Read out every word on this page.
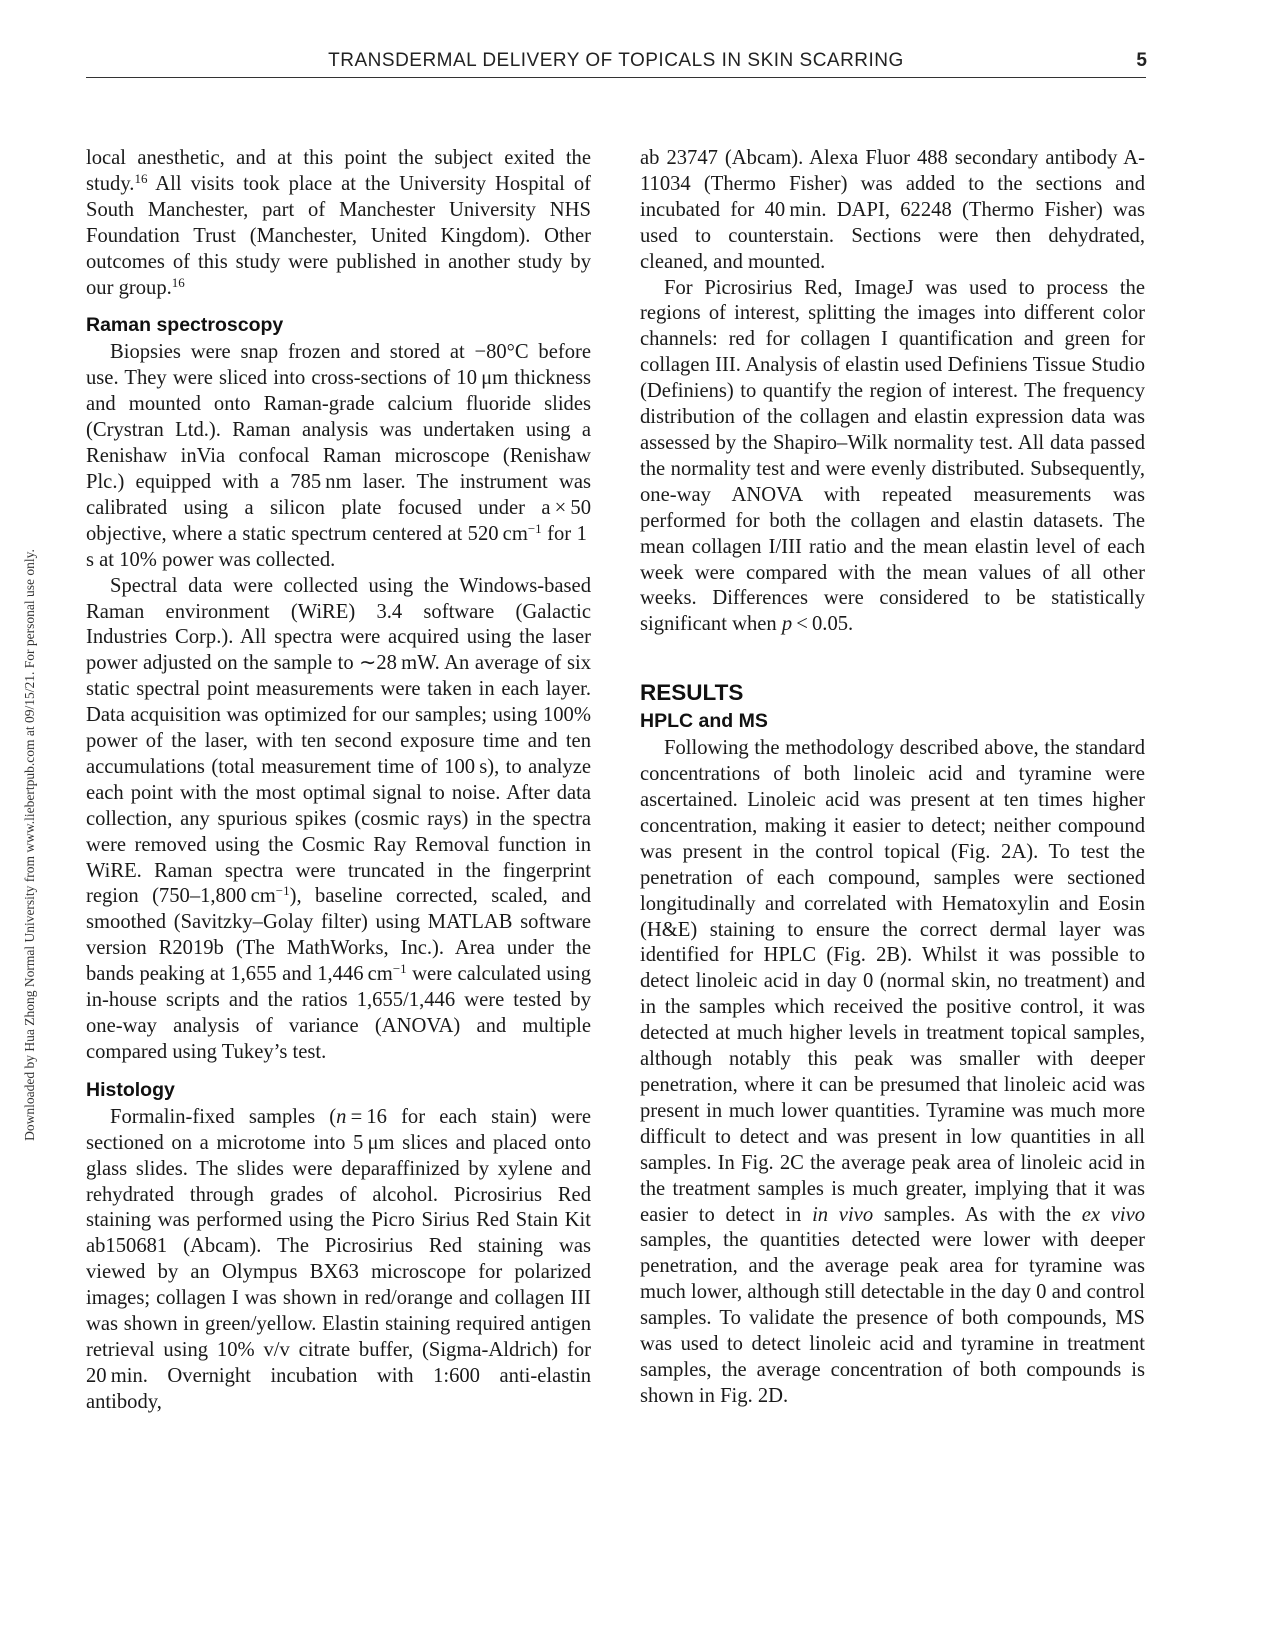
TRANSDERMAL DELIVERY OF TOPICALS IN SKIN SCARRING	5
Downloaded by Hua Zhong Normal University from www.liebertpub.com at 09/15/21. For personal use only.

local anesthetic, and at this point the subject exited the study.$^{16}$ All visits took place at the University Hospital of South Manchester, part of Manchester University NHS Foundation Trust (Manchester, United Kingdom). Other outcomes of this study were published in another study by our group.$^{16}$

Raman spectroscopy

Biopsies were snap frozen and stored at −80°C before use. They were sliced into cross-sections of 10 μm thickness and mounted onto Raman-grade calcium fluoride slides (Crystran Ltd.). Raman analysis was undertaken using a Renishaw inVia confocal Raman microscope (Renishaw Plc.) equipped with a 785 nm laser. The instrument was calibrated using a silicon plate focused under a × 50 objective, where a static spectrum centered at 520 $cm^{-1}$ for 1 s at 10% power was collected.

Spectral data were collected using the Windows-based Raman environment (WiRE) 3.4 software (Galactic Industries Corp.). All spectra were acquired using the laser power adjusted on the sample to ∼28 mW. An average of six static spectral point measurements were taken in each layer. Data acquisition was optimized for our samples; using 100% power of the laser, with ten second exposure time and ten accumulations (total measurement time of 100 s), to analyze each point with the most optimal signal to noise. After data collection, any spurious spikes (cosmic rays) in the spectra were removed using the Cosmic Ray Removal function in WiRE. Raman spectra were truncated in the fingerprint region (750–1,800 $cm^{-1}$), baseline corrected, scaled, and smoothed (Savitzky–Golay filter) using MATLAB software version R2019b (The MathWorks, Inc.). Area under the bands peaking at 1,655 and 1,446 $cm^{-1}$ were calculated using in-house scripts and the ratios 1,655/1,446 were tested by one-way analysis of variance (ANOVA) and multiple compared using Tukey’s test.

Histology

Formalin-fixed samples (n = 16 for each stain) were sectioned on a microtome into 5 μm slices and placed onto glass slides. The slides were deparaffinized by xylene and rehydrated through grades of alcohol. Picrosirius Red staining was performed using the Picro Sirius Red Stain Kit ab150681 (Abcam). The Picrosirius Red staining was viewed by an Olympus BX63 microscope for polarized images; collagen I was shown in red/orange and collagen III was shown in green/yellow. Elastin staining required antigen retrieval using 10% v/v citrate buffer, (Sigma-Aldrich) for 20 min. Overnight incubation with 1:600 anti-elastin antibody,

ab 23747 (Abcam). Alexa Fluor 488 secondary antibody A-11034 (Thermo Fisher) was added to the sections and incubated for 40 min. DAPI, 62248 (Thermo Fisher) was used to counterstain. Sections were then dehydrated, cleaned, and mounted.

For Picrosirius Red, ImageJ was used to process the regions of interest, splitting the images into different color channels: red for collagen I quantification and green for collagen III. Analysis of elastin used Definiens Tissue Studio (Definiens) to quantify the region of interest. The frequency distribution of the collagen and elastin expression data was assessed by the Shapiro–Wilk normality test. All data passed the normality test and were evenly distributed. Subsequently, one-way ANOVA with repeated measurements was performed for both the collagen and elastin datasets. The mean collagen I/III ratio and the mean elastin level of each week were compared with the mean values of all other weeks. Differences were considered to be statistically significant when p < 0.05.

RESULTS
HPLC and MS

Following the methodology described above, the standard concentrations of both linoleic acid and tyramine were ascertained. Linoleic acid was present at ten times higher concentration, making it easier to detect; neither compound was present in the control topical (Fig. 2A). To test the penetration of each compound, samples were sectioned longitudinally and correlated with Hematoxylin and Eosin (H&E) staining to ensure the correct dermal layer was identified for HPLC (Fig. 2B). Whilst it was possible to detect linoleic acid in day 0 (normal skin, no treatment) and in the samples which received the positive control, it was detected at much higher levels in treatment topical samples, although notably this peak was smaller with deeper penetration, where it can be presumed that linoleic acid was present in much lower quantities. Tyramine was much more difficult to detect and was present in low quantities in all samples. In Fig. 2C the average peak area of linoleic acid in the treatment samples is much greater, implying that it was easier to detect in in vivo samples. As with the ex vivo samples, the quantities detected were lower with deeper penetration, and the average peak area for tyramine was much lower, although still detectable in the day 0 and control samples. To validate the presence of both compounds, MS was used to detect linoleic acid and tyramine in treatment samples, the average concentration of both compounds is shown in Fig. 2D.
